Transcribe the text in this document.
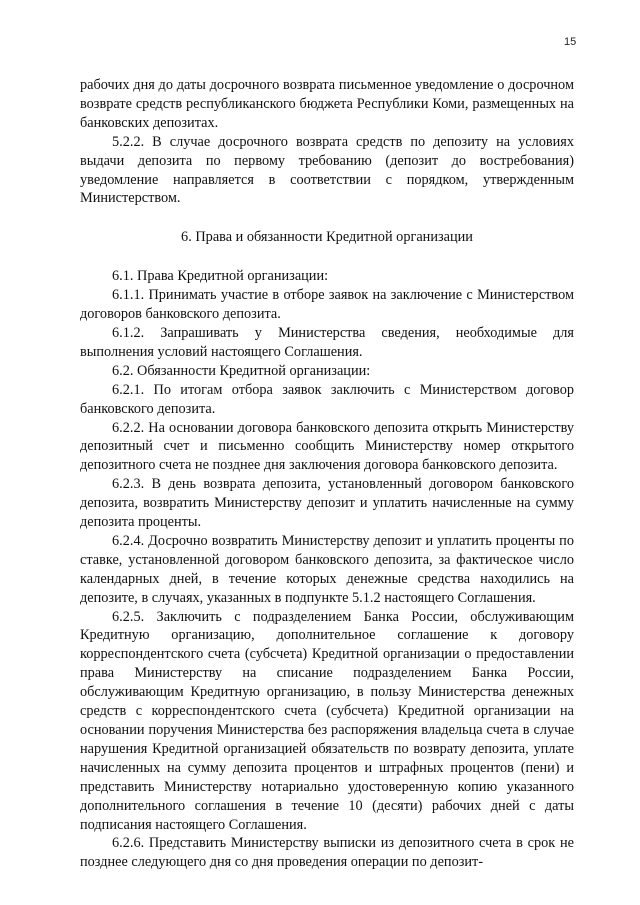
15

рабочих дня до даты досрочного возврата письменное уведомление о досрочном возврате средств республиканского бюджета Республики Коми, размещенных на банковских депозитах.

5.2.2. В случае досрочного возврата средств по депозиту на условиях выдачи депозита по первому требованию (депозит до востребования) уведомление направляется в соответствии с порядком, утвержденным Министерством.

6. Права и обязанности Кредитной организации

6.1. Права Кредитной организации:

6.1.1. Принимать участие в отборе заявок на заключение с Министерством договоров банковского депозита.

6.1.2. Запрашивать у Министерства сведения, необходимые для выполнения условий настоящего Соглашения.

6.2. Обязанности Кредитной организации:

6.2.1. По итогам отбора заявок заключить с Министерством договор банковского депозита.

6.2.2. На основании договора банковского депозита открыть Министерству депозитный счет и письменно сообщить Министерству номер открытого депозитного счета не позднее дня заключения договора банковского депозита.

6.2.3. В день возврата депозита, установленный договором банковского депозита, возвратить Министерству депозит и уплатить начисленные на сумму депозита проценты.

6.2.4. Досрочно возвратить Министерству депозит и уплатить проценты по ставке, установленной договором банковского депозита, за фактическое число календарных дней, в течение которых денежные средства находились на депозите, в случаях, указанных в подпункте 5.1.2 настоящего Соглашения.

6.2.5. Заключить с подразделением Банка России, обслуживающим Кредитную организацию, дополнительное соглашение к договору корреспондентского счета (субсчета) Кредитной организации о предоставлении права Министерству на списание подразделением Банка России, обслуживающим Кредитную организацию, в пользу Министерства денежных средств с корреспондентского счета (субсчета) Кредитной организации на основании поручения Министерства без распоряжения владельца счета в случае нарушения Кредитной организацией обязательств по возврату депозита, уплате начисленных на сумму депозита процентов и штрафных процентов (пени) и представить Министерству нотариально удостоверенную копию указанного дополнительного соглашения в течение 10 (десяти) рабочих дней с даты подписания настоящего Соглашения.

6.2.6. Представить Министерству выписки из депозитного счета в срок не позднее следующего дня со дня проведения операции по депозит-
